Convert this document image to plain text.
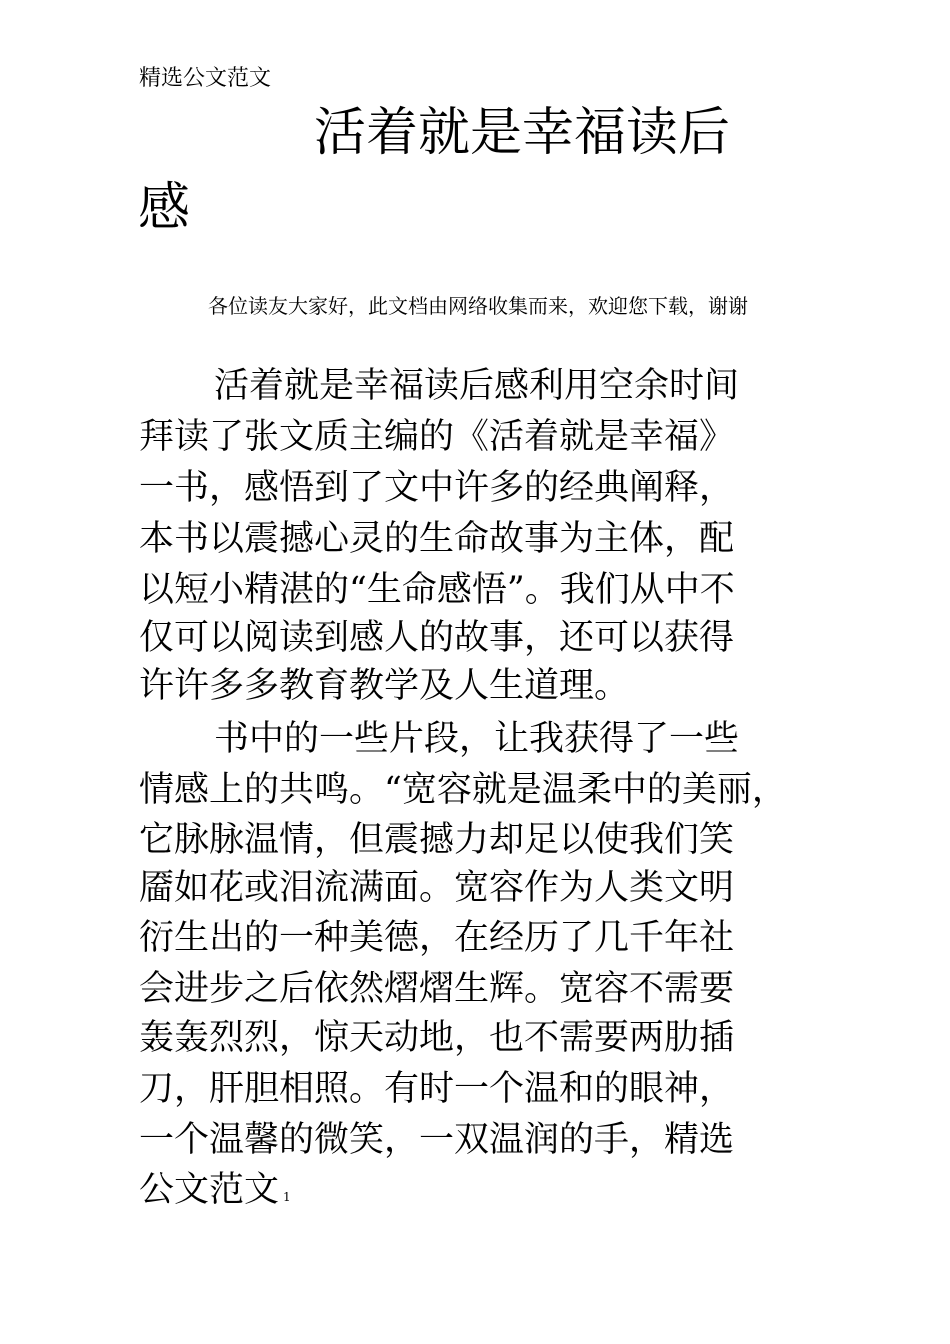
精选公文范文
活着就是幸福读后
感
各位读友大家好，此文档由网络收集而来，欢迎您下载，谢谢
活着就是幸福读后感利用空余时间
拜读了张文质主编的《活着就是幸福》
一书，感悟到了文中许多的经典阐释，
本书以震撼心灵的生命故事为主体，配
以短小精湛的“生命感悟”。我们从中不
仅可以阅读到感人的故事，还可以获得
许许多多教育教学及人生道理。
书中的一些片段，让我获得了一些
情感上的共鸣。“宽容就是温柔中的美丽，
它脉脉温情，但震撼力却足以使我们笑
靥如花或泪流满面。宽容作为人类文明
衍生出的一种美德，在经历了几千年社
会进步之后依然熠熠生辉。宽容不需要
轰轰烈烈，惊天动地，也不需要两肋插
刀，肝胆相照。有时一个温和的眼神，
一个温馨的微笑，一双温润的手，精选
公文范文 1
